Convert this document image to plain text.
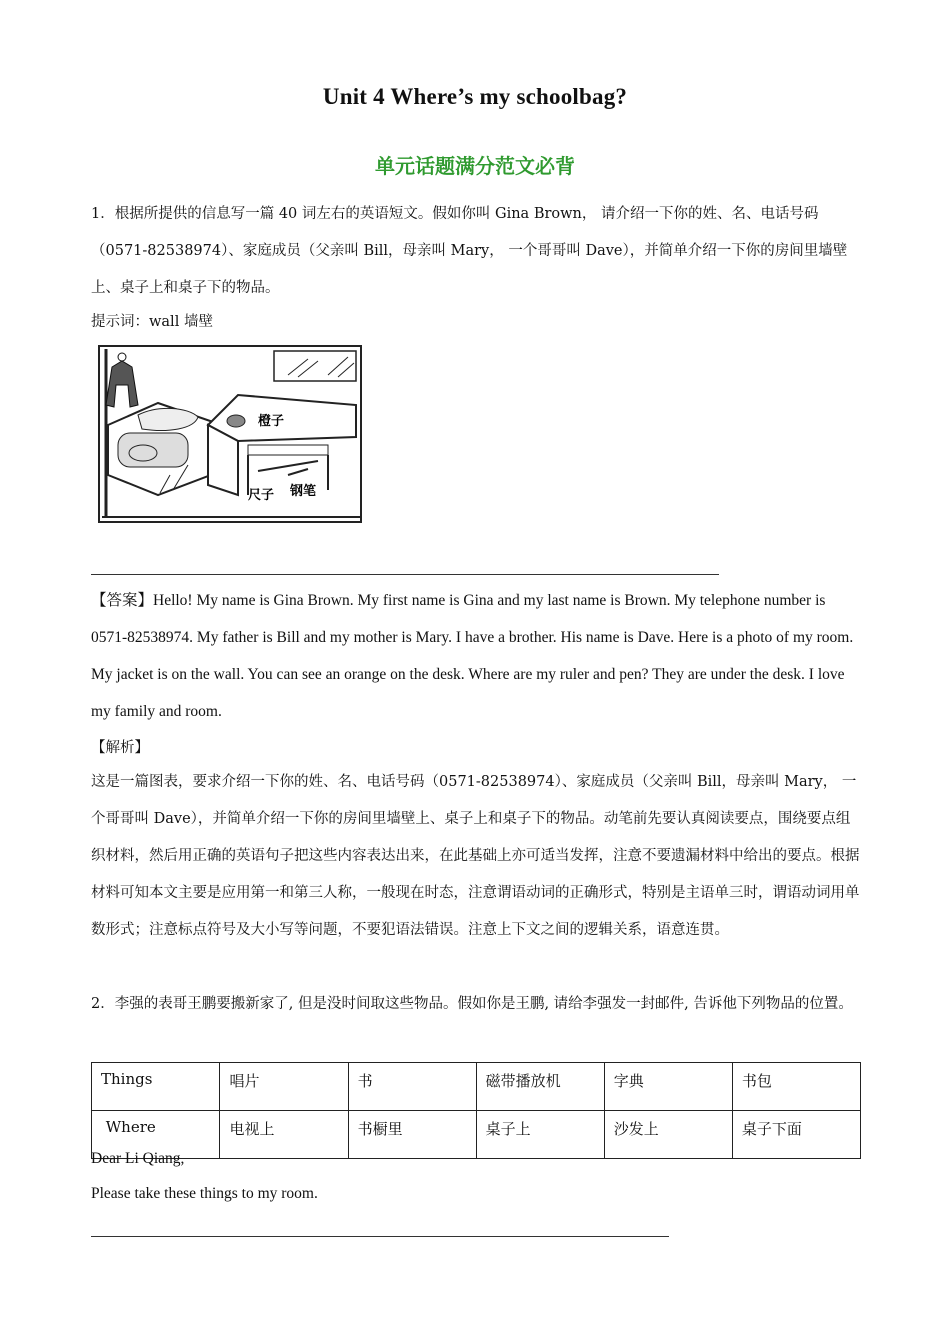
Unit 4 Where’s my schoolbag?
单元话题满分范文必背
1．根据所提供的信息写一篇 40 词左右的英语短文。假如你叫 Gina Brown， 请介绍一下你的姓、名、电话号码（0571-82538974）、家庭成员（父亲叫 Bill，母亲叫 Mary， 一个哥哥叫 Dave），并简单介绍一下你的房间里墙壁上、桌子上和桌子下的物品。
提示词：wall 墙壁
橙子
尺子 钢笔
【答案】Hello! My name is Gina Brown. My first name is Gina and my last name is Brown. My telephone number is 0571-82538974. My father is Bill and my mother is Mary. I have a brother. His name is Dave. Here is a photo of my room. My jacket is on the wall. You can see an orange on the desk. Where are my ruler and pen? They are under the desk. I love my family and room.
【解析】
这是一篇图表，要求介绍一下你的姓、名、电话号码（0571-82538974）、家庭成员（父亲叫 Bill，母亲叫 Mary， 一个哥哥叫 Dave），并简单介绍一下你的房间里墙壁上、桌子上和桌子下的物品。动笔前先要认真阅读要点，围绕要点组织材料，然后用正确的英语句子把这些内容表达出来，在此基础上亦可适当发挥，注意不要遗漏材料中给出的要点。根据材料可知本文主要是应用第一和第三人称，一般现在时态，注意谓语动词的正确形式，特别是主语单三时，谓语动词用单数形式；注意标点符号及大小写等问题，不要犯语法错误。注意上下文之间的逻辑关系，语意连贯。
2．李强的表哥王鹏要搬新家了, 但是没时间取这些物品。假如你是王鹏, 请给李强发一封邮件, 告诉他下列物品的位置。
Things	唱片	书	磁带播放机	字典	书包
Where	电视上	书橱里	桌子上	沙发上	桌子下面
Dear Li Qiang,
Please take these things to my room.
